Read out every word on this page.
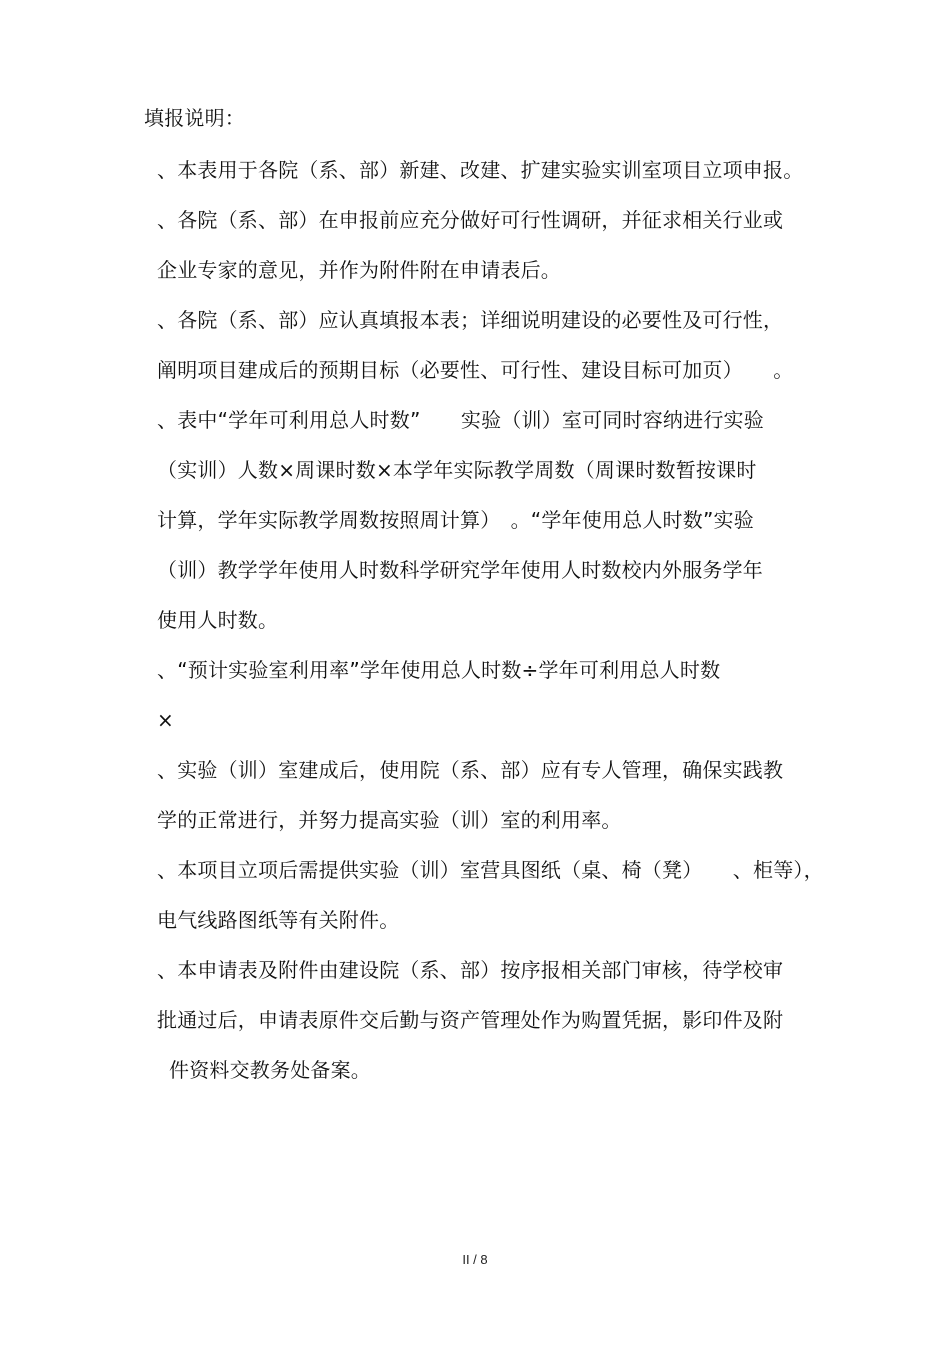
填报说明：
、本表用于各院（系、部）新建、改建、扩建实验实训室项目立项申报。
、各院（系、部）在申报前应充分做好可行性调研，并征求相关行业或
企业专家的意见，并作为附件附在申请表后。
、各院（系、部）应认真填报本表；详细说明建设的必要性及可行性，
阐明项目建成后的预期目标（必要性、可行性、建设目标可加页）　　。
、表中“学年可利用总人时数”　　实验（训）室可同时容纳进行实验
（实训）人数×周课时数×本学年实际教学周数（周课时数暂按课时
计算，学年实际教学周数按照周计算）　。“学年使用总人时数”实验
（训）教学学年使用人时数科学研究学年使用人时数校内外服务学年
使用人时数。
、“预计实验室利用率”学年使用总人时数÷学年可利用总人时数
×
、实验（训）室建成后，使用院（系、部）应有专人管理，确保实践教
学的正常进行，并努力提高实验（训）室的利用率。
、本项目立项后需提供实验（训）室营具图纸（桌、椅（凳）　　、柜等），
电气线路图纸等有关附件。
、本申请表及附件由建设院（系、部）按序报相关部门审核，待学校审
批通过后，申请表原件交后勤与资产管理处作为购置凭据，影印件及附
件资料交教务处备案。
II / 8
